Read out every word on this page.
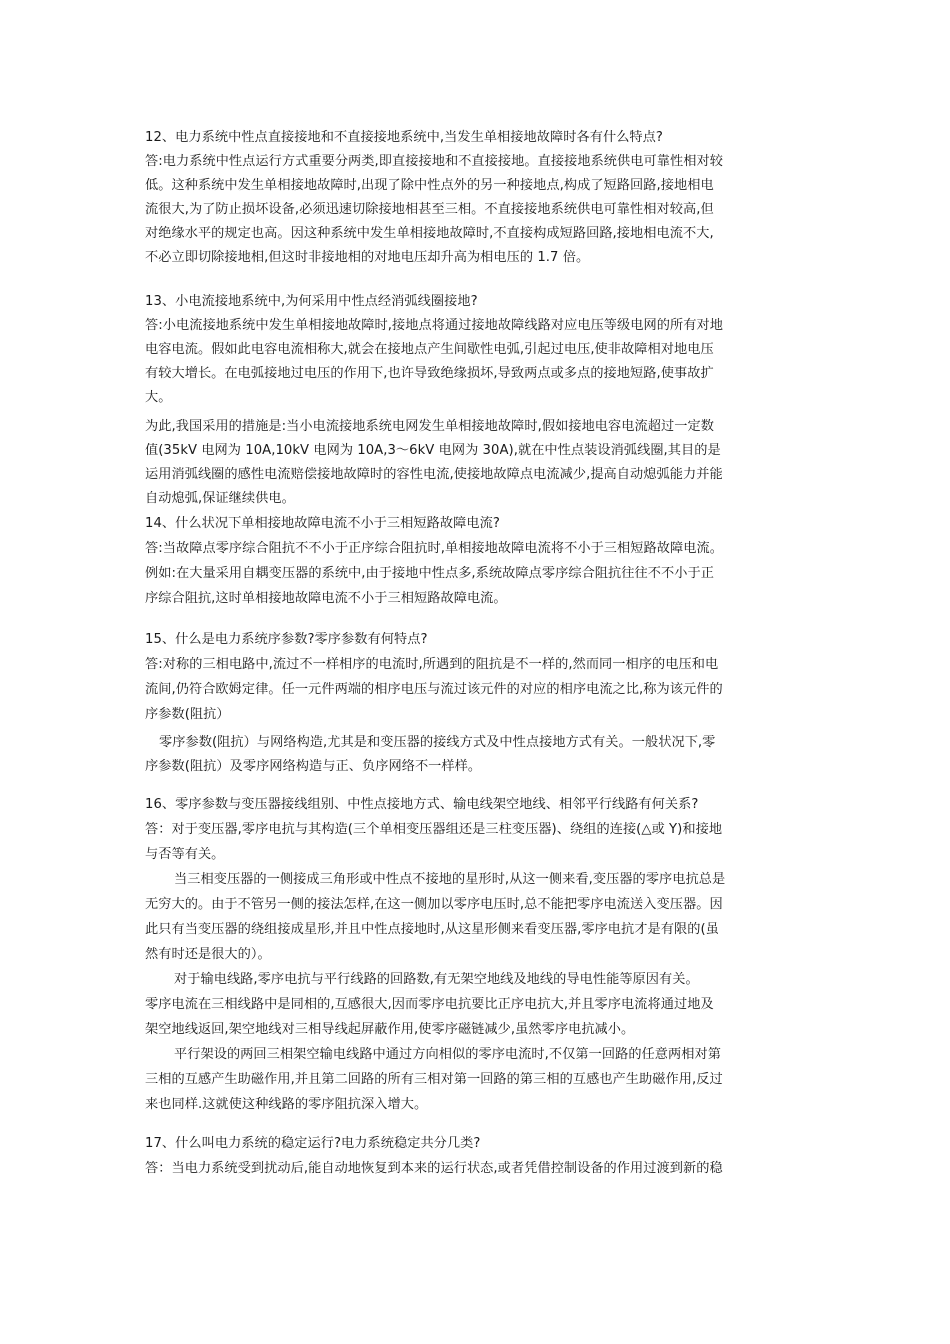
12、电力系统中性点直接接地和不直接接地系统中,当发生单相接地故障时各有什么特点?
答:电力系统中性点运行方式重要分两类,即直接接地和不直接接地。直接接地系统供电可靠性相对较
低。这种系统中发生单相接地故障时,出现了除中性点外的另一种接地点,构成了短路回路,接地相电
流很大,为了防止损坏设备,必须迅速切除接地相甚至三相。不直接接地系统供电可靠性相对较高,但
对绝缘水平的规定也高。因这种系统中发生单相接地故障时,不直接构成短路回路,接地相电流不大,
不必立即切除接地相,但这时非接地相的对地电压却升高为相电压的 1.7 倍。
13、小电流接地系统中,为何采用中性点经消弧线圈接地?
答:小电流接地系统中发生单相接地故障时,接地点将通过接地故障线路对应电压等级电网的所有对地
电容电流。假如此电容电流相称大,就会在接地点产生间歇性电弧,引起过电压,使非故障相对地电压
有较大增长。在电弧接地过电压的作用下,也许导致绝缘损坏,导致两点或多点的接地短路,使事故扩
大。
为此,我国采用的措施是:当小电流接地系统电网发生单相接地故障时,假如接地电容电流超过一定数
值(35kV 电网为 10A,10kV 电网为 10A,3～6kV 电网为 30A),就在中性点装设消弧线圈,其目的是
运用消弧线圈的感性电流赔偿接地故障时的容性电流,使接地故障点电流减少,提高自动熄弧能力并能
自动熄弧,保证继续供电。
14、什么状况下单相接地故障电流不小于三相短路故障电流?
答:当故障点零序综合阻抗不不小于正序综合阻抗时,单相接地故障电流将不小于三相短路故障电流。
例如:在大量采用自耦变压器的系统中,由于接地中性点多,系统故障点零序综合阻抗往往不不小于正
序综合阻抗,这时单相接地故障电流不小于三相短路故障电流。
15、什么是电力系统序参数?零序参数有何特点?
答:对称的三相电路中,流过不一样相序的电流时,所遇到的阻抗是不一样的,然而同一相序的电压和电
流间,仍符合欧姆定律。任一元件两端的相序电压与流过该元件的对应的相序电流之比,称为该元件的
序参数(阻抗）
零序参数(阻抗）与网络构造,尤其是和变压器的接线方式及中性点接地方式有关。一般状况下,零
序参数(阻抗）及零序网络构造与正、负序网络不一样样。
16、零序参数与变压器接线组别、中性点接地方式、输电线架空地线、相邻平行线路有何关系?
答：对于变压器,零序电抗与其构造(三个单相变压器组还是三柱变压器)、绕组的连接(△或 Y)和接地
与否等有关。
当三相变压器的一侧接成三角形或中性点不接地的星形时,从这一侧来看,变压器的零序电抗总是
无穷大的。由于不管另一侧的接法怎样,在这一侧加以零序电压时,总不能把零序电流送入变压器。因
此只有当变压器的绕组接成星形,并且中性点接地时,从这星形侧来看变压器,零序电抗才是有限的(虽
然有时还是很大的）。
对于输电线路,零序电抗与平行线路的回路数,有无架空地线及地线的导电性能等原因有关。
零序电流在三相线路中是同相的,互感很大,因而零序电抗要比正序电抗大,并且零序电流将通过地及
架空地线返回,架空地线对三相导线起屏蔽作用,使零序磁链减少,虽然零序电抗减小。
平行架设的两回三相架空输电线路中通过方向相似的零序电流时,不仅第一回路的任意两相对第
三相的互感产生助磁作用,并且第二回路的所有三相对第一回路的第三相的互感也产生助磁作用,反过
来也同样.这就使这种线路的零序阻抗深入增大。
17、什么叫电力系统的稳定运行?电力系统稳定共分几类?
答：当电力系统受到扰动后,能自动地恢复到本来的运行状态,或者凭借控制设备的作用过渡到新的稳
